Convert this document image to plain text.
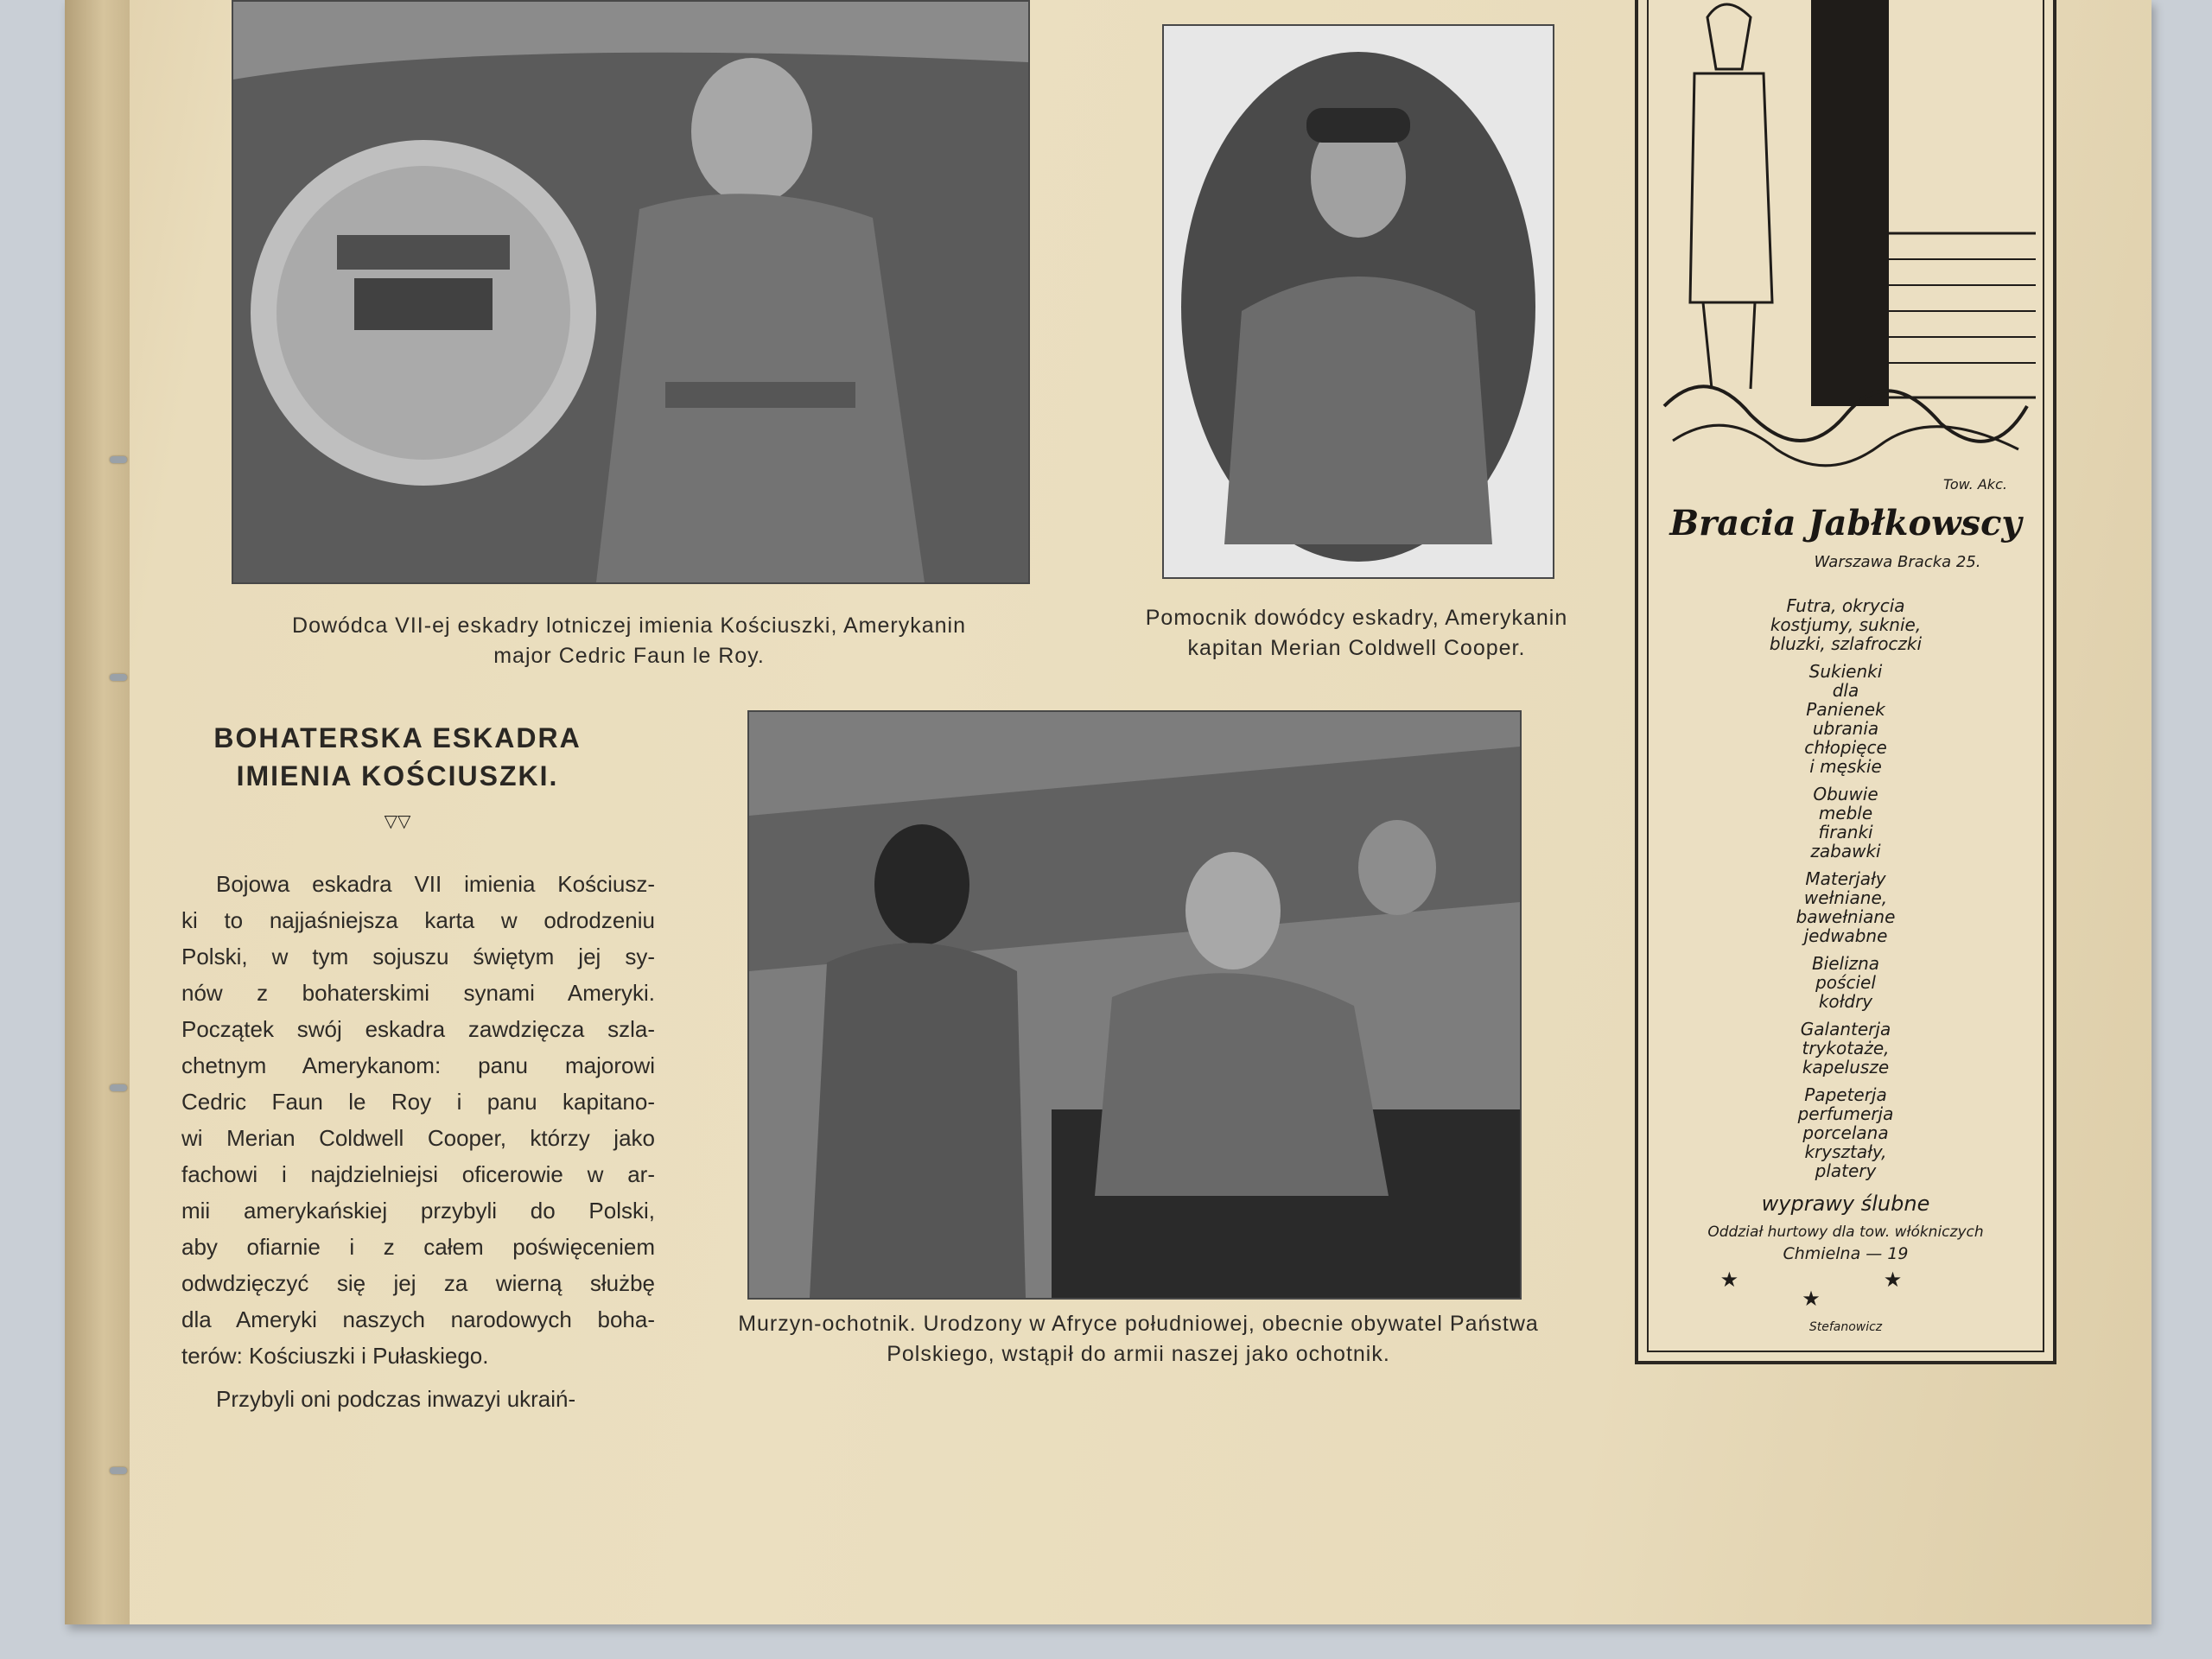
Dowódca VII-ej eskadry lotniczej imienia Kościuszki, Amerykanin
major Cedric Faun le Roy.
Pomocnik dowódcy eskadry, Amerykanin
kapitan Merian Coldwell Cooper.
BOHATERSKA ESKADRA
IMIENIA KOŚCIUSZKI.
▽▽
Bojowa eskadra VII imienia Kościusz-
ki to najjaśniejsza karta w odrodzeniu
Polski, w tym sojuszu świętym jej sy-
nów z bohaterskimi synami Ameryki.
Początek swój eskadra zawdzięcza szla-
chetnym Amerykanom: panu majorowi
Cedric Faun le Roy i panu kapitano-
wi Merian Coldwell Cooper, którzy jako
fachowi i najdzielniejsi oficerowie w ar-
mii amerykańskiej przybyli do Polski,
aby ofiarnie i z całem poświęceniem
odwdzięczyć się jej za wierną służbę
dla Ameryki naszych narodowych boha-
terów: Kościuszki i Pułaskiego.
Przybyli oni podczas inwazyi ukraiń-
Murzyn-ochotnik. Urodzony w Afryce południowej, obecnie obywatel Państwa
Polskiego, wstąpił do armii naszej jako ochotnik.
Tow. Akc.
Bracia Jabłkowscy
Warszawa Bracka 25.
Futra, okrycia
kostjumy, suknie,
bluzki, szlafroczki
Sukienki
dla
Panienek
ubrania
chłopięce
i męskie
Obuwie
meble
firanki
zabawki
Materjały
wełniane,
bawełniane
jedwabne
Bielizna
pościel
kołdry
Galanterja
trykotaże,
kapelusze
Papeterja
perfumerja
porcelana
kryształy,
platery
wyprawy ślubne
Oddział hurtowy dla tow. włókniczych
Chmielna — 19
★ ★ ★
Stefanowicz
